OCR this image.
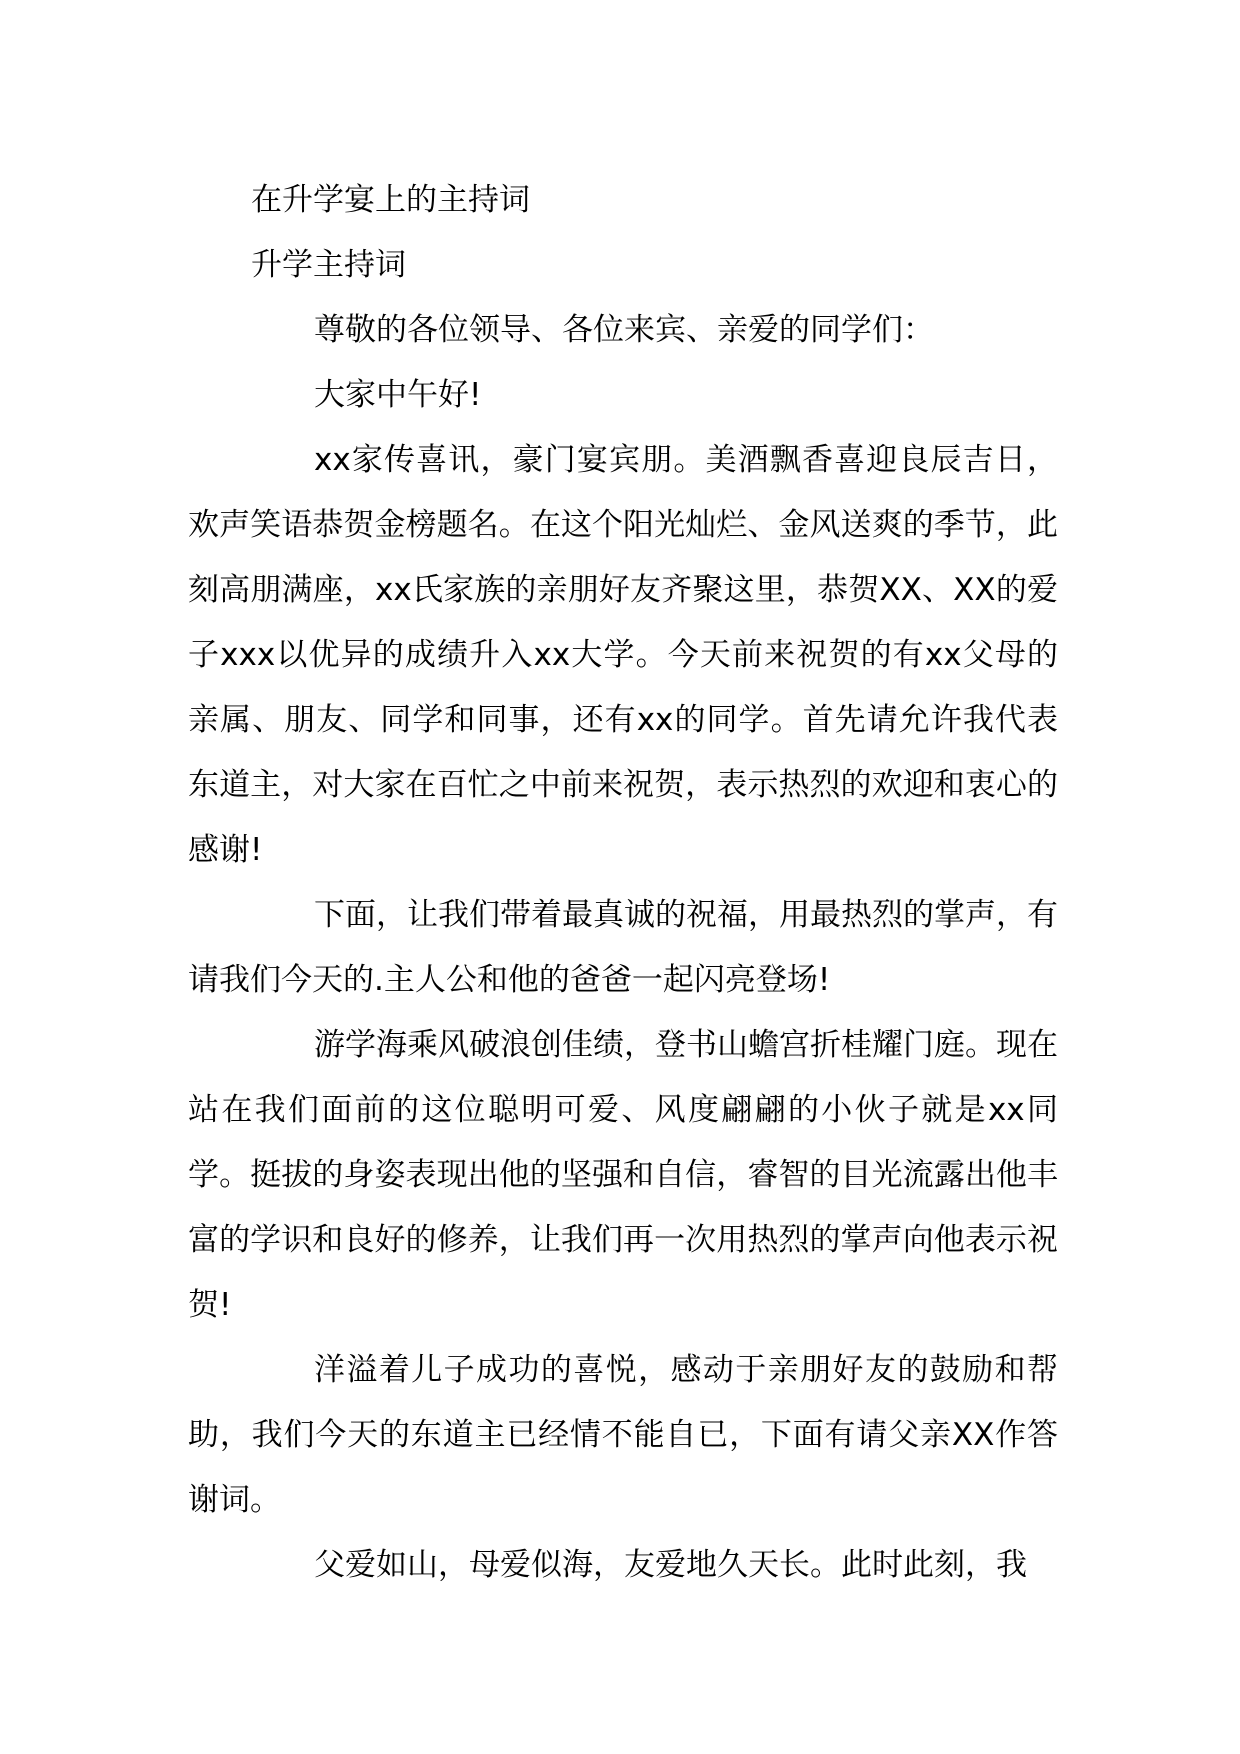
在升学宴上的主持词

升学主持词

尊敬的各位领导、各位来宾、亲爱的同学们：

大家中午好!

xx家传喜讯，豪门宴宾朋。美酒飘香喜迎良辰吉日，欢声笑语恭贺金榜题名。在这个阳光灿烂、金风送爽的季节，此刻高朋满座，xx氏家族的亲朋好友齐聚这里，恭贺XX、XX的爱子xxx以优异的成绩升入xx大学。今天前来祝贺的有xx父母的亲属、朋友、同学和同事，还有xx的同学。首先请允许我代表东道主，对大家在百忙之中前来祝贺，表示热烈的欢迎和衷心的感谢!

下面，让我们带着最真诚的祝福，用最热烈的掌声，有请我们今天的.主人公和他的爸爸一起闪亮登场!

游学海乘风破浪创佳绩，登书山蟾宫折桂耀门庭。现在站在我们面前的这位聪明可爱、风度翩翩的小伙子就是xx同学。挺拔的身姿表现出他的坚强和自信，睿智的目光流露出他丰富的学识和良好的修养，让我们再一次用热烈的掌声向他表示祝贺!

洋溢着儿子成功的喜悦，感动于亲朋好友的鼓励和帮助，我们今天的东道主已经情不能自已，下面有请父亲XX作答谢词。

父爱如山，母爱似海，友爱地久天长。此时此刻，我
